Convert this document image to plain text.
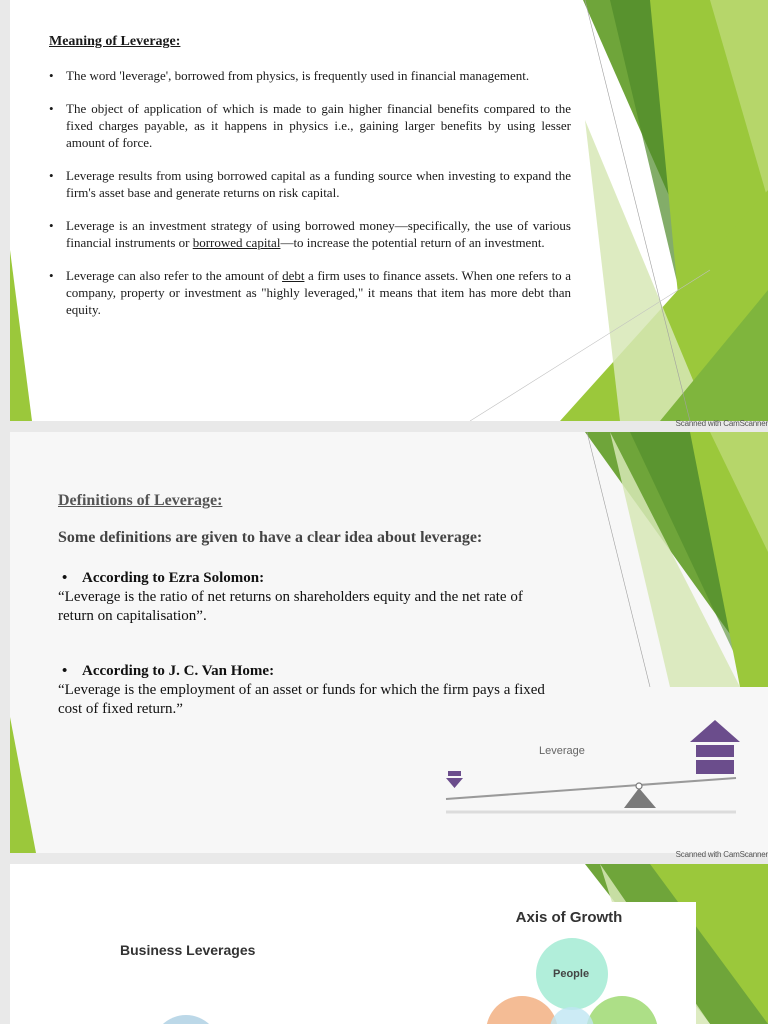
Meaning of Leverage:
• The word 'leverage', borrowed from physics, is frequently used in financial management.
• The object of application of which is made to gain higher financial benefits compared to the fixed charges payable, as it happens in physics i.e., gaining larger benefits by using lesser amount of force.
• Leverage results from using borrowed capital as a funding source when investing to expand the firm's asset base and generate returns on risk capital.
• Leverage is an investment strategy of using borrowed money—specifically, the use of various financial instruments or borrowed capital—to increase the potential return of an investment.
• Leverage can also refer to the amount of debt a firm uses to finance assets. When one refers to a company, property or investment as "highly leveraged," it means that item has more debt than equity.
Scanned with CamScanner
Definitions of Leverage:

Some definitions are given to have a clear idea about leverage:

• According to Ezra Solomon:
“Leverage is the ratio of net returns on shareholders equity and the net rate of return on capitalisation”.
• According to J. C. Van Home:
“Leverage is the employment of an asset or funds for which the firm pays a fixed cost of fixed return.”
Leverage
Scanned with CamScanner
Business Leverages
Axis of Growth
People
